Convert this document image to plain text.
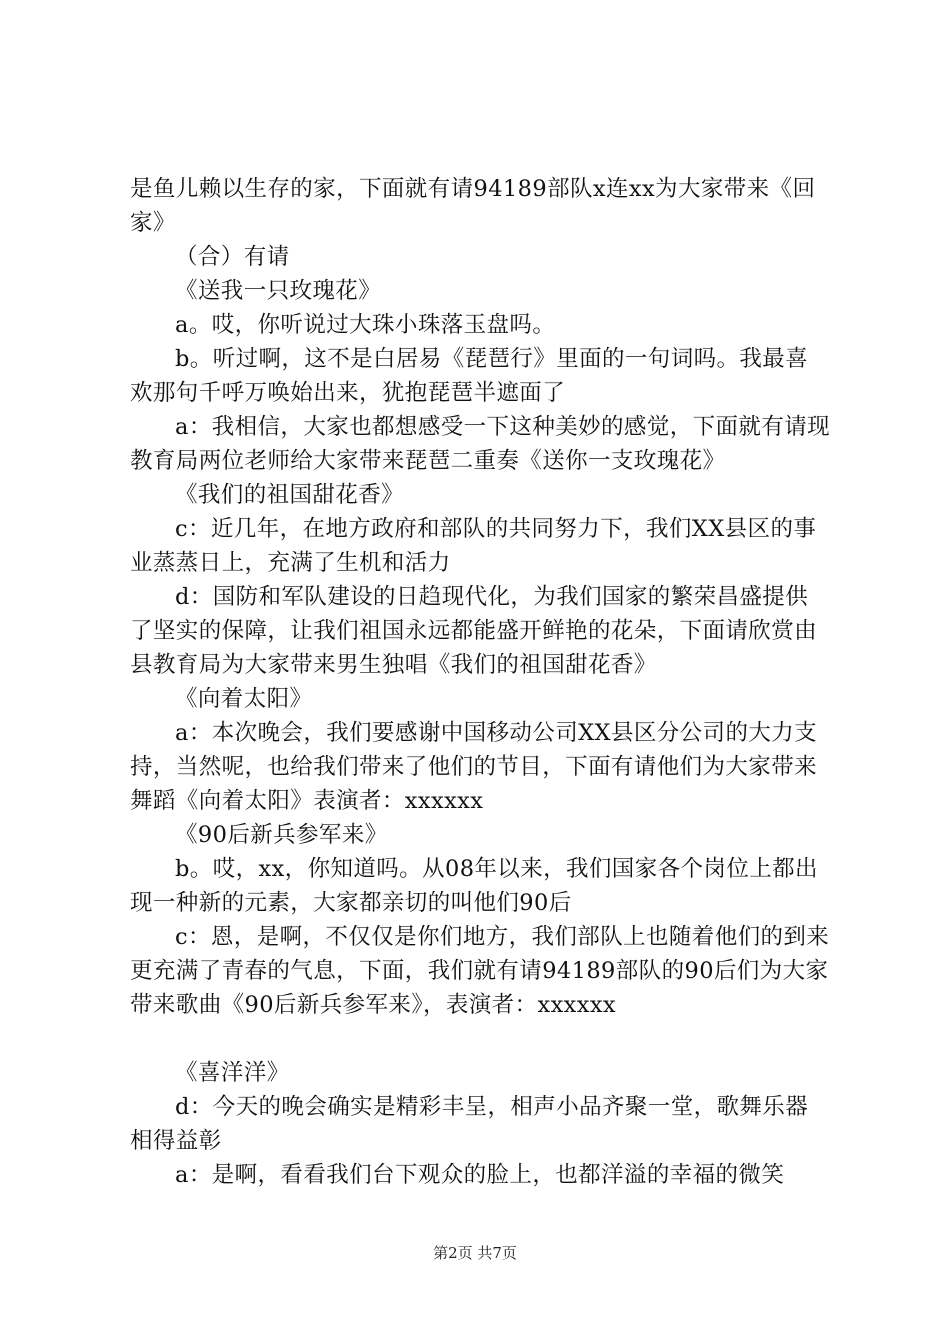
是鱼儿赖以生存的家，下面就有请94189部队x连xx为大家带来《回家》

（合）有请

《送我一只玫瑰花》

a。哎，你听说过大珠小珠落玉盘吗。

b。听过啊，这不是白居易《琵琶行》里面的一句词吗。我最喜欢那句千呼万唤始出来，犹抱琵琶半遮面了

a：我相信，大家也都想感受一下这种美妙的感觉，下面就有请现教育局两位老师给大家带来琵琶二重奏《送你一支玫瑰花》

《我们的祖国甜花香》

c：近几年，在地方政府和部队的共同努力下，我们XX县区的事业蒸蒸日上，充满了生机和活力

d：国防和军队建设的日趋现代化，为我们国家的繁荣昌盛提供了坚实的保障，让我们祖国永远都能盛开鲜艳的花朵，下面请欣赏由县教育局为大家带来男生独唱《我们的祖国甜花香》

《向着太阳》

a：本次晚会，我们要感谢中国移动公司XX县区分公司的大力支持，当然呢，也给我们带来了他们的节目，下面有请他们为大家带来舞蹈《向着太阳》表演者：xxxxxx

《90后新兵参军来》

b。哎，xx，你知道吗。从08年以来，我们国家各个岗位上都出现一种新的元素，大家都亲切的叫他们90后

c：恩，是啊，不仅仅是你们地方，我们部队上也随着他们的到来更充满了青春的气息，下面，我们就有请94189部队的90后们为大家带来歌曲《90后新兵参军来》，表演者：xxxxxx

《喜洋洋》

d：今天的晚会确实是精彩丰呈，相声小品齐聚一堂，歌舞乐器相得益彰

a：是啊，看看我们台下观众的脸上，也都洋溢的幸福的微笑

第2页 共7页
